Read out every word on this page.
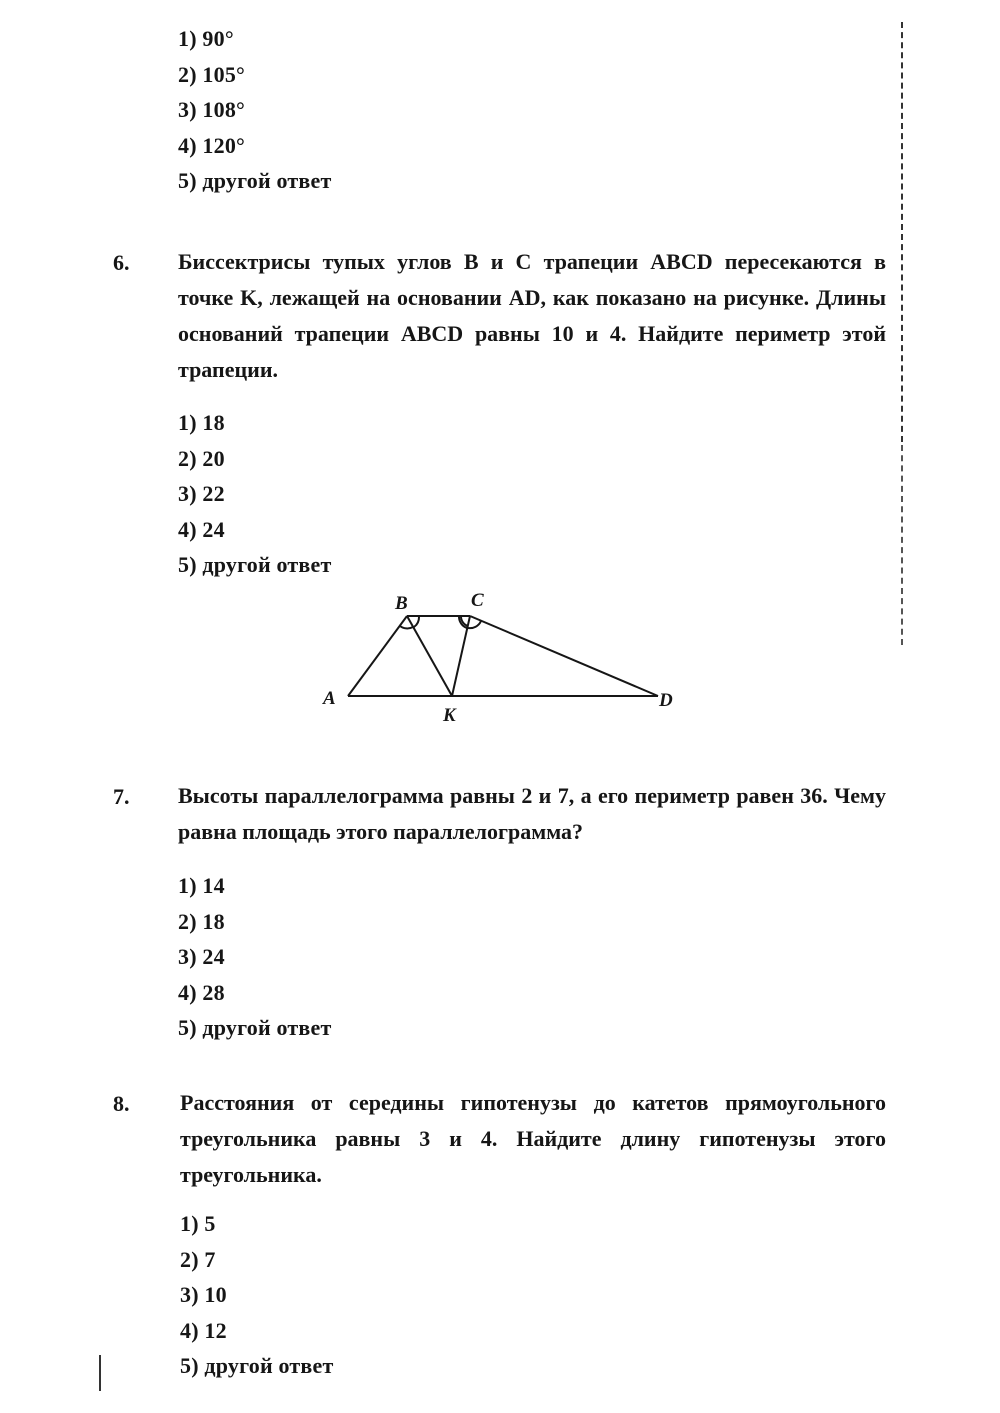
1) 90°
2) 105°
3) 108°
4) 120°
5) другой ответ
6. Биссектрисы тупых углов B и C трапеции ABCD пересекаются в точке K, лежащей на основании AD, как показано на рисунке. Длины оснований трапеции ABCD равны 10 и 4. Найдите периметр этой трапеции.

1) 18
2) 20
3) 22
4) 24
5) другой ответ
A
B	C
D
K
7. Высоты параллелограмма равны 2 и 7, а его периметр равен 36. Чему равна площадь этого параллелограмма?

1) 14
2) 18
3) 24
4) 28
5) другой ответ
8. Расстояния от середины гипотенузы до катетов прямоугольного треугольника равны 3 и 4. Найдите длину гипотенузы этого треугольника.

1) 5
2) 7
3) 10
4) 12
5) другой ответ
